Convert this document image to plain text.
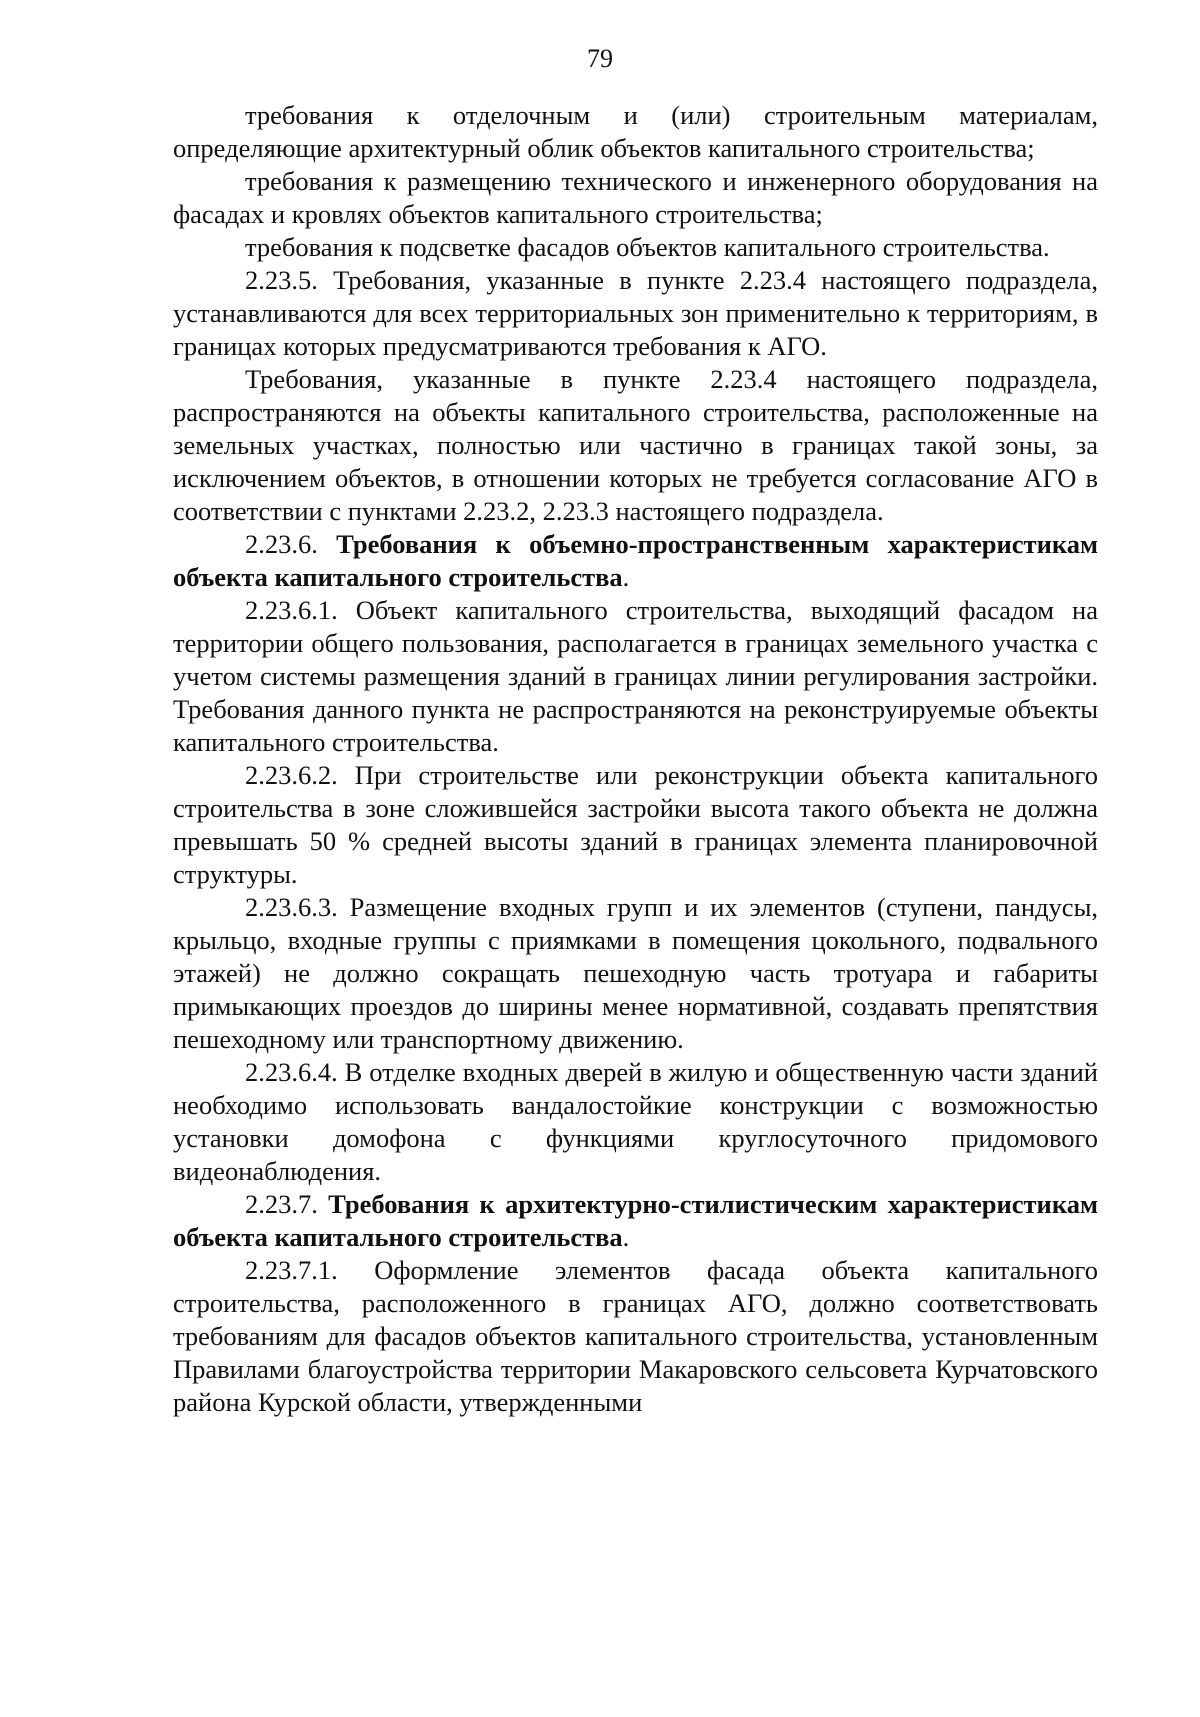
79

требования к отделочным и (или) строительным материалам, определяющие архитектурный облик объектов капитального строительства;

требования к размещению технического и инженерного оборудования на фасадах и кровлях объектов капитального строительства;

требования к подсветке фасадов объектов капитального строительства.

2.23.5. Требования, указанные в пункте 2.23.4 настоящего подраздела, устанавливаются для всех территориальных зон применительно к территориям, в границах которых предусматриваются требования к АГО.

Требования, указанные в пункте 2.23.4 настоящего подраздела, распространяются на объекты капитального строительства, расположенные на земельных участках, полностью или частично в границах такой зоны, за исключением объектов, в отношении которых не требуется согласование АГО в соответствии с пунктами 2.23.2, 2.23.3 настоящего подраздела.

2.23.6. Требования к объемно-пространственным характеристикам объекта капитального строительства.

2.23.6.1. Объект капитального строительства, выходящий фасадом на территории общего пользования, располагается в границах земельного участка с учетом системы размещения зданий в границах линии регулирования застройки. Требования данного пункта не распространяются на реконструируемые объекты капитального строительства.

2.23.6.2. При строительстве или реконструкции объекта капитального строительства в зоне сложившейся застройки высота такого объекта не должна превышать 50 % средней высоты зданий в границах элемента планировочной структуры.

2.23.6.3. Размещение входных групп и их элементов (ступени, пандусы, крыльцо, входные группы с приямками в помещения цокольного, подвального этажей) не должно сокращать пешеходную часть тротуара и габариты примыкающих проездов до ширины менее нормативной, создавать препятствия пешеходному или транспортному движению.

2.23.6.4. В отделке входных дверей в жилую и общественную части зданий необходимо использовать вандалостойкие конструкции с возможностью установки домофона с функциями круглосуточного придомового видеонаблюдения.

2.23.7. Требования к архитектурно-стилистическим характеристикам объекта капитального строительства.

2.23.7.1. Оформление элементов фасада объекта капитального строительства, расположенного в границах АГО, должно соответствовать требованиям для фасадов объектов капитального строительства, установленным Правилами благоустройства территории Макаровского сельсовета Курчатовского района Курской области, утвержденными
